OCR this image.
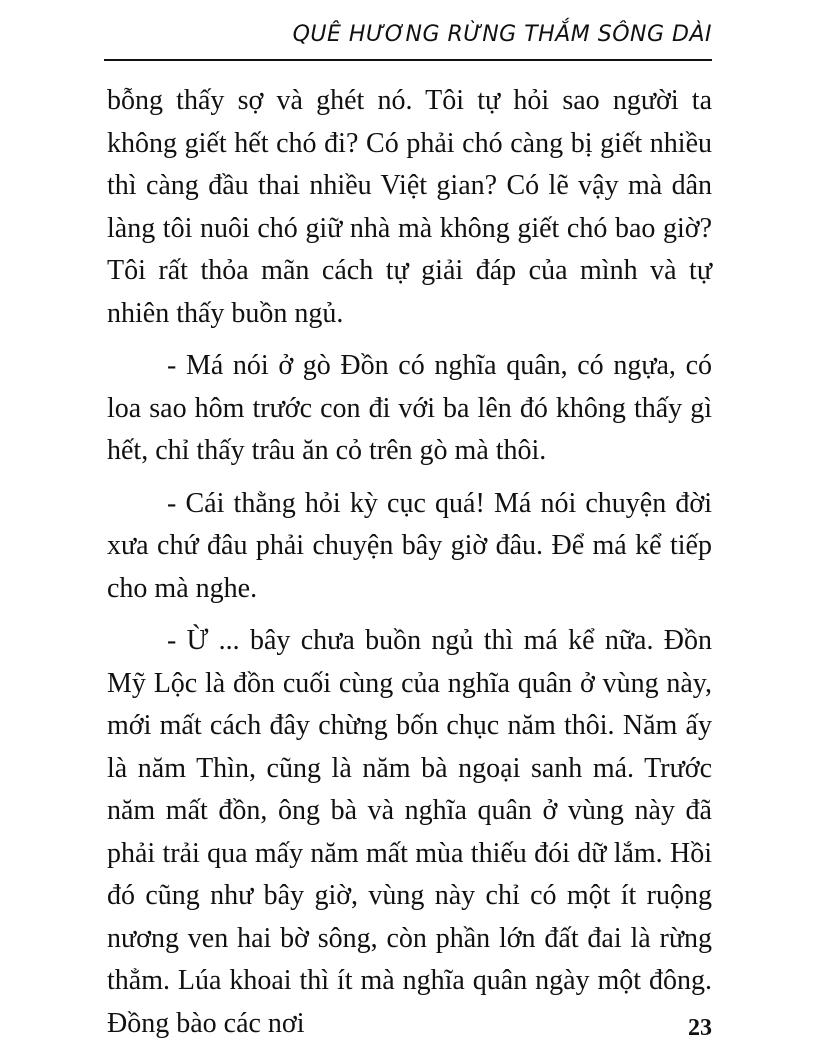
QUÊ HƯƠNG RỪNG THẮM SÔNG DÀI

bỗng thấy sợ và ghét nó. Tôi tự hỏi sao người ta không giết hết chó đi? Có phải chó càng bị giết nhiều thì càng đầu thai nhiều Việt gian? Có lẽ vậy mà dân làng tôi nuôi chó giữ nhà mà không giết chó bao giờ? Tôi rất thỏa mãn cách tự giải đáp của mình và tự nhiên thấy buồn ngủ.

- Má nói ở gò Đồn có nghĩa quân, có ngựa, có loa sao hôm trước con đi với ba lên đó không thấy gì hết, chỉ thấy trâu ăn cỏ trên gò mà thôi.

- Cái thằng hỏi kỳ cục quá! Má nói chuyện đời xưa chứ đâu phải chuyện bây giờ đâu. Để má kể tiếp cho mà nghe.

- Ừ ... bây chưa buồn ngủ thì má kể nữa. Đồn Mỹ Lộc là đồn cuối cùng của nghĩa quân ở vùng này, mới mất cách đây chừng bốn chục năm thôi. Năm ấy là năm Thìn, cũng là năm bà ngoại sanh má. Trước năm mất đồn, ông bà và nghĩa quân ở vùng này đã phải trải qua mấy năm mất mùa thiếu đói dữ lắm. Hồi đó cũng như bây giờ, vùng này chỉ có một ít ruộng nương ven hai bờ sông, còn phần lớn đất đai là rừng thẳm. Lúa khoai thì ít mà nghĩa quân ngày một đông. Đồng bào các nơi	23
